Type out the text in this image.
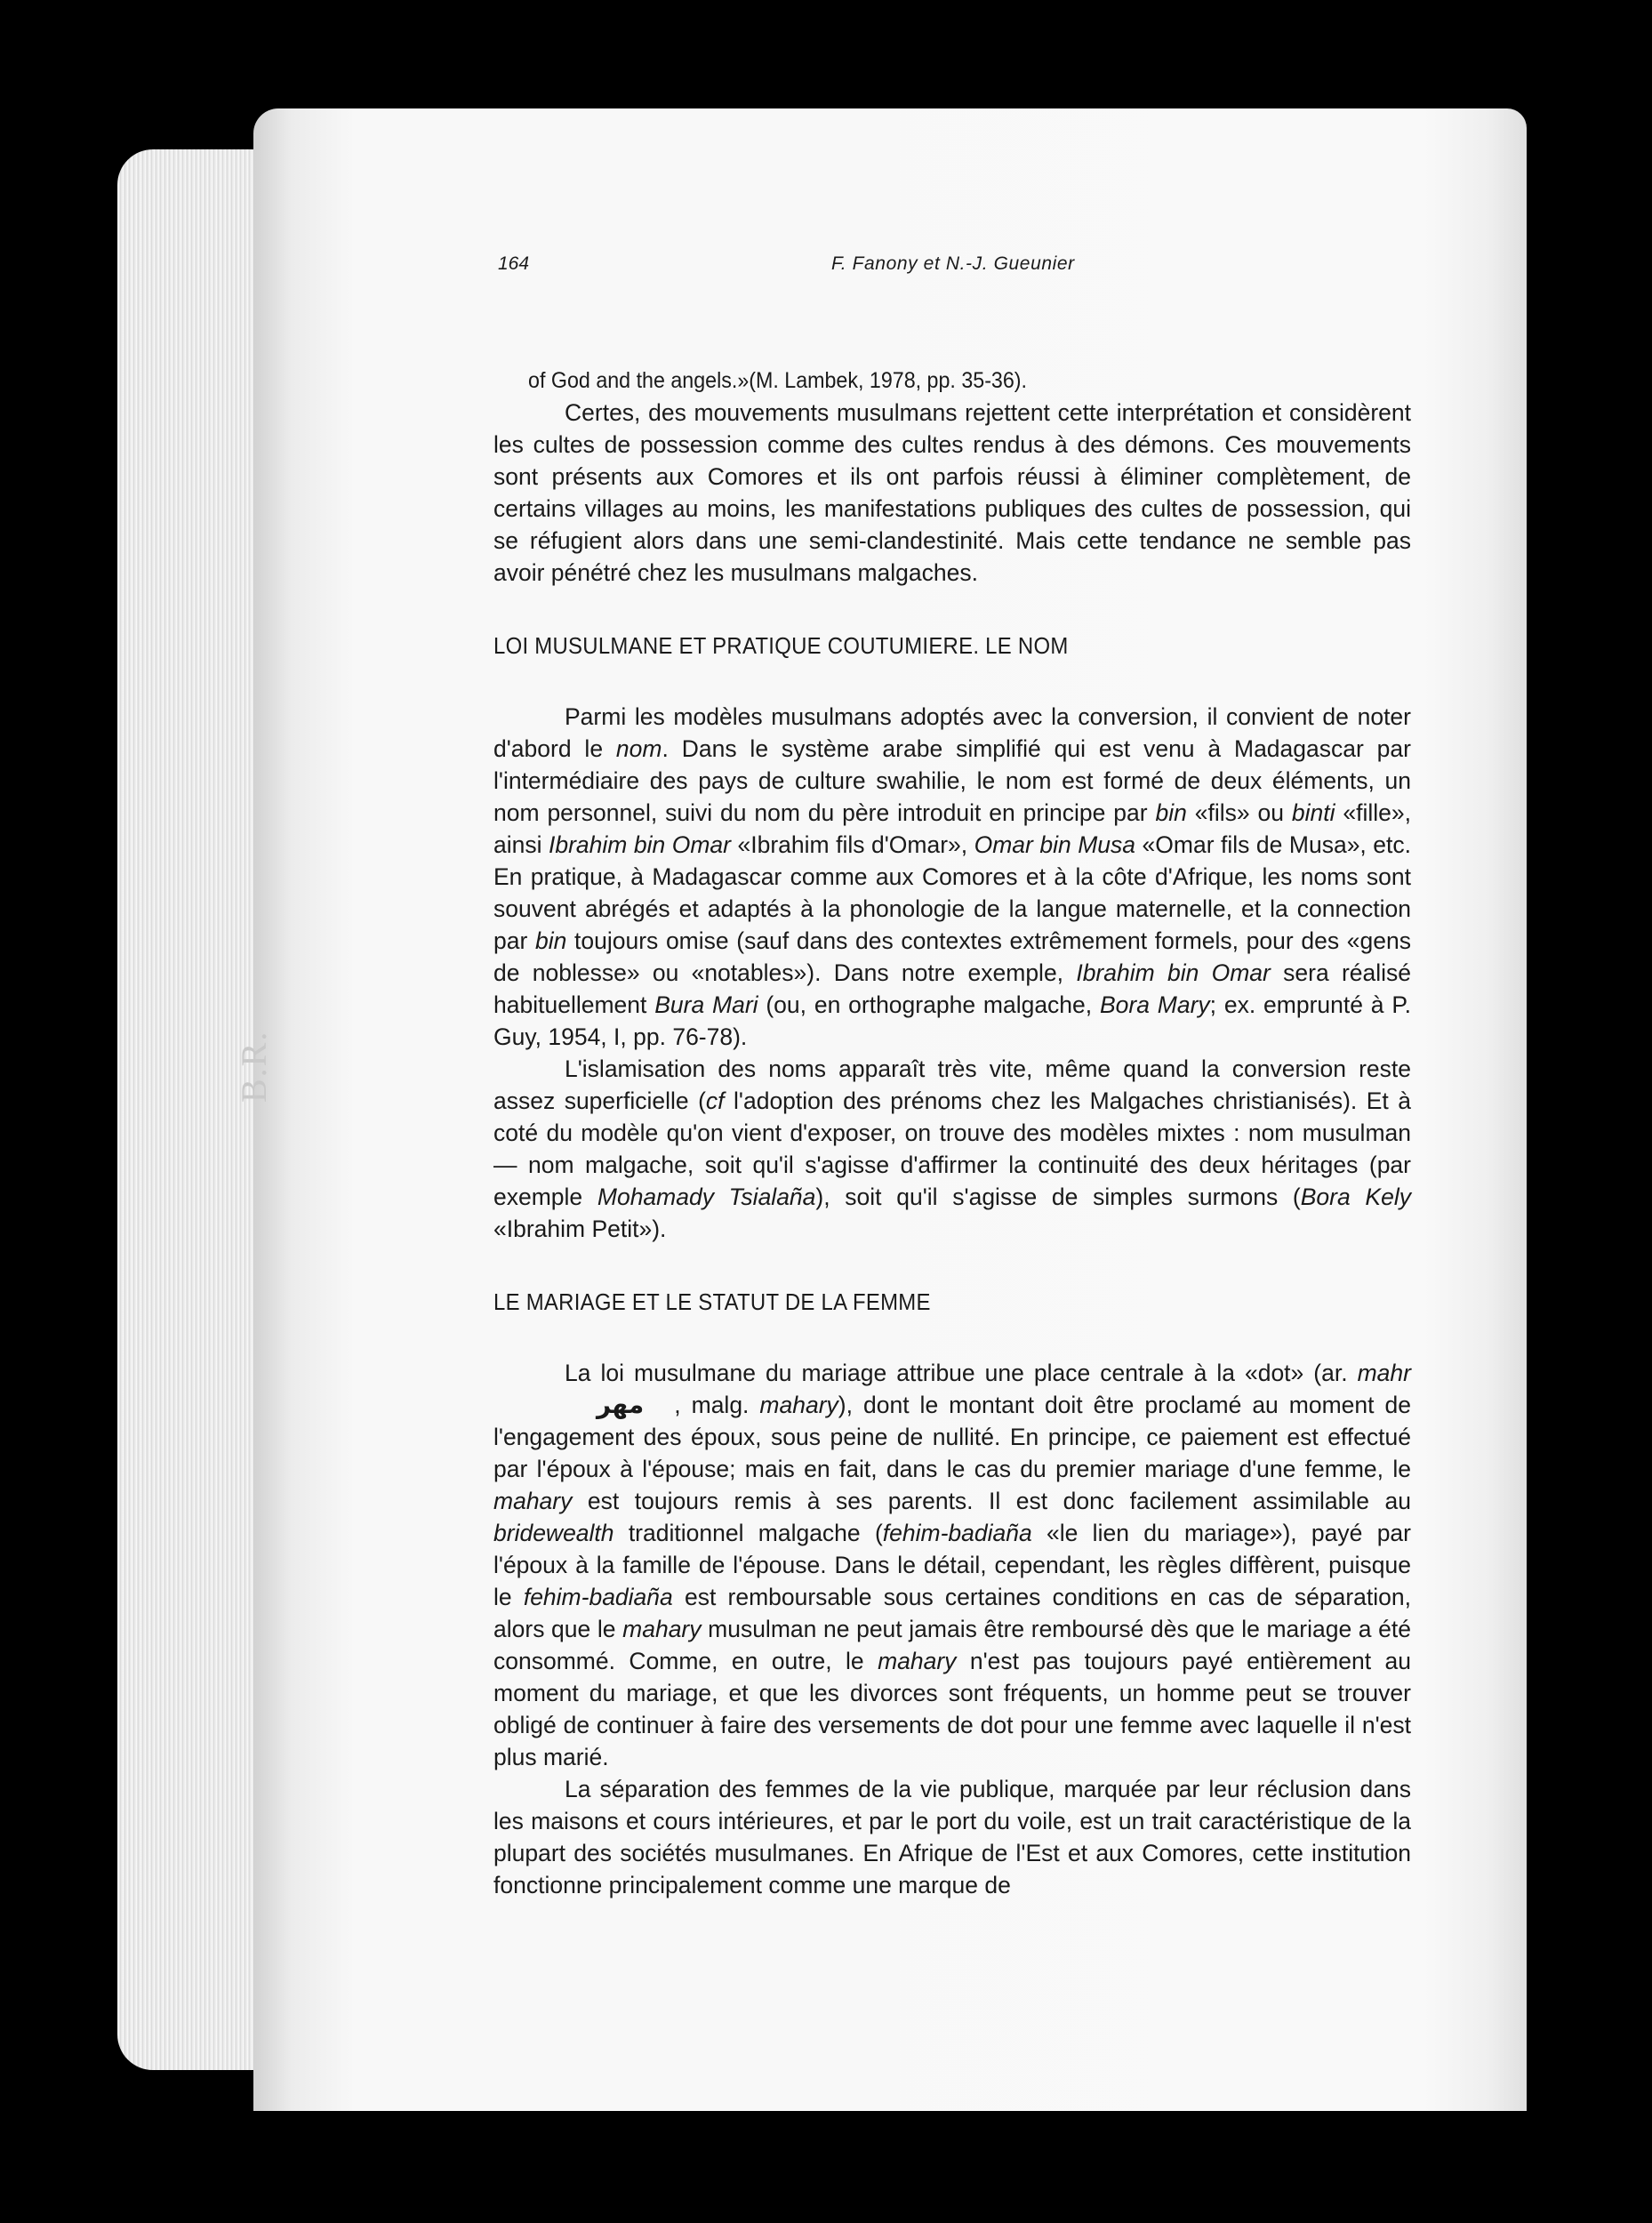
B.R.
164	F. Fanony et N.-J. Gueunier

of God and the angels.»(M. Lambek, 1978, pp. 35-36).

Certes, des mouvements musulmans rejettent cette interprétation et considèrent les cultes de possession comme des cultes rendus à des démons. Ces mouvements sont présents aux Comores et ils ont parfois réussi à éliminer complètement, de certains villages au moins, les manifestations publiques des cultes de possession, qui se réfugient alors dans une semi-clandestinité. Mais cette tendance ne semble pas avoir pénétré chez les musulmans malgaches.

LOI MUSULMANE ET PRATIQUE COUTUMIERE. LE NOM

Parmi les modèles musulmans adoptés avec la conversion, il convient de noter d'abord le nom. Dans le système arabe simplifié qui est venu à Madagascar par l'intermédiaire des pays de culture swahilie, le nom est formé de deux éléments, un nom personnel, suivi du nom du père introduit en principe par bin «fils» ou binti «fille», ainsi Ibrahim bin Omar «Ibrahim fils d'Omar», Omar bin Musa «Omar fils de Musa», etc. En pratique, à Madagascar comme aux Comores et à la côte d'Afrique, les noms sont souvent abrégés et adaptés à la phonologie de la langue maternelle, et la connection par bin toujours omise (sauf dans des contextes extrêmement formels, pour des «gens de noblesse» ou «notables»). Dans notre exemple, Ibrahim bin Omar sera réalisé habituellement Bura Mari (ou, en orthographe malgache, Bora Mary; ex. emprunté à P. Guy, 1954, I, pp. 76-78).

L'islamisation des noms apparaît très vite, même quand la conversion reste assez superficielle (cf l'adoption des prénoms chez les Malgaches christianisés). Et à coté du modèle qu'on vient d'exposer, on trouve des modèles mixtes : nom musulman — nom malgache, soit qu'il s'agisse d'affirmer la continuité des deux héritages (par exemple Mohamady Tsialaña), soit qu'il s'agisse de simples surmons (Bora Kely «Ibrahim Petit»).

LE MARIAGE ET LE STATUT DE LA FEMME

La loi musulmane du mariage attribue une place centrale à la «dot» (ar. mahrمهر , malg. mahary), dont le montant doit être proclamé au moment de l'engagement des époux, sous peine de nullité. En principe, ce paiement est effectué par l'époux à l'épouse; mais en fait, dans le cas du premier mariage d'une femme, le mahary est toujours remis à ses parents. Il est donc facilement assimilable au bridewealth traditionnel malgache (fehim-badiaña «le lien du mariage»), payé par l'époux à la famille de l'épouse. Dans le détail, cependant, les règles diffèrent, puisque le fehim-badiaña est remboursable sous certaines conditions en cas de séparation, alors que le mahary musulman ne peut jamais être remboursé dès que le mariage a été consommé. Comme, en outre, le mahary n'est pas toujours payé entièrement au moment du mariage, et que les divorces sont fréquents, un homme peut se trouver obligé de continuer à faire des versements de dot pour une femme avec laquelle il n'est plus marié.

La séparation des femmes de la vie publique, marquée par leur réclusion dans les maisons et cours intérieures, et par le port du voile, est un trait caractéristique de la plupart des sociétés musulmanes. En Afrique de l'Est et aux Comores, cette institution fonctionne principalement comme une marque de
